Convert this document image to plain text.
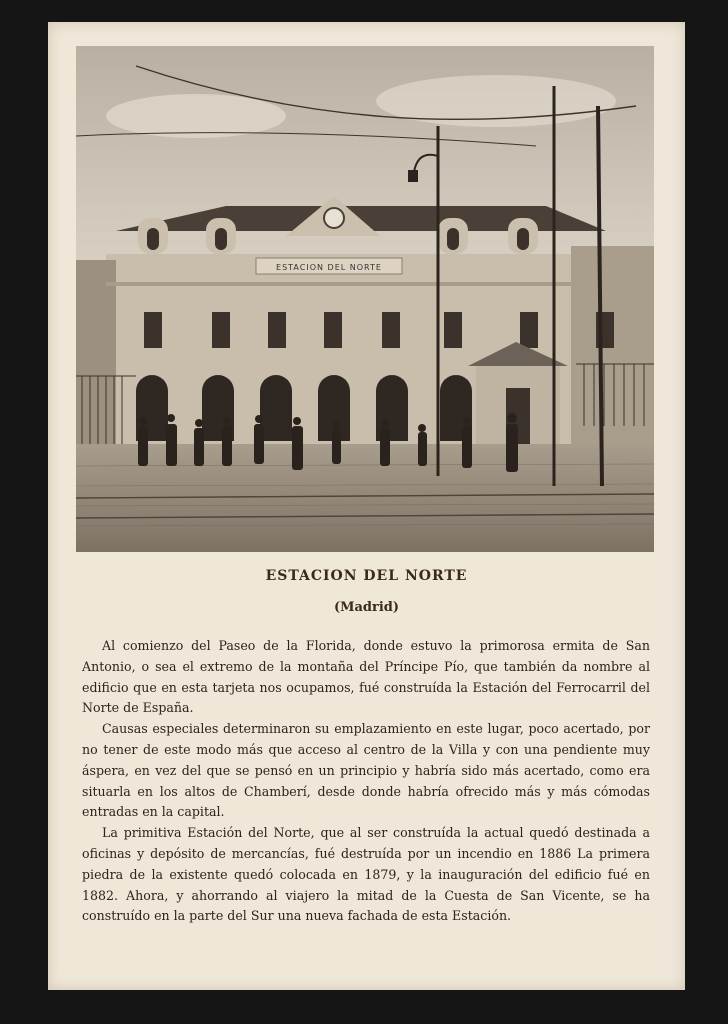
ESTACION DEL NORTE
ESTACION DEL NORTE
(Madrid)

Al comienzo del Paseo de la Florida, donde estuvo la primorosa ermita de San Antonio, o sea el extremo de la montaña del Príncipe Pío, que también da nombre al edificio que en esta tarjeta nos ocupamos, fué construída la Estación del Ferrocarril del Norte de España.

Causas especiales determinaron su emplazamiento en este lugar, poco acertado, por no tener de este modo más que acceso al centro de la Villa y con una pendiente muy áspera, en vez del que se pensó en un principio y habría sido más acertado, como era situarla en los altos de Chamberí, desde donde habría ofrecido más y más cómodas entradas en la capital.

La primitiva Estación del Norte, que al ser construída la actual quedó destinada a oficinas y depósito de mercancías, fué destruída por un incendio en 1886 La primera piedra de la existente quedó colocada en 1879, y la inauguración del edificio fué en 1882. Ahora, y ahorrando al viajero la mitad de la Cuesta de San Vicente, se ha construído en la parte del Sur una nueva fachada de esta Estación.
